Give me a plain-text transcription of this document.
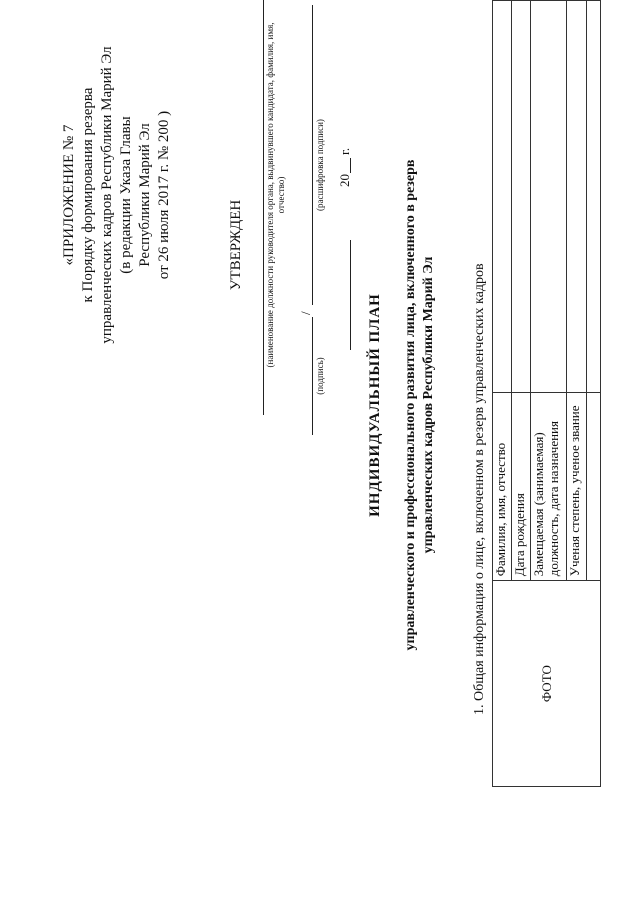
«ПРИЛОЖЕНИЕ № 7 к Порядку формирования резерва управленческих кадров Республики Марий Эл (в редакции Указа Главы Республики Марий Эл от 26 июля 2017 г. № 200 )	УТВЕРЖДЕН (наименование должности руководителя органа, выдвинувшего кандидата, фамилия, имя, отчество)
/
(подпись)
(расшифровка подписи) 20
г.
ИНДИВИДУАЛЬНЫЙ ПЛАН управленческого и профессионального развития лица, включенного в резерв управленческих кадров Республики Марий Эл	1. Общая информация о лице, включенном в резерв управленческих кадров	ФОТО	Фамилия, имя, отчество	
	Дата рождения	
	Замещаемая (занимаемая) должность, дата назначения	
	Ученая степень, ученое звание	
